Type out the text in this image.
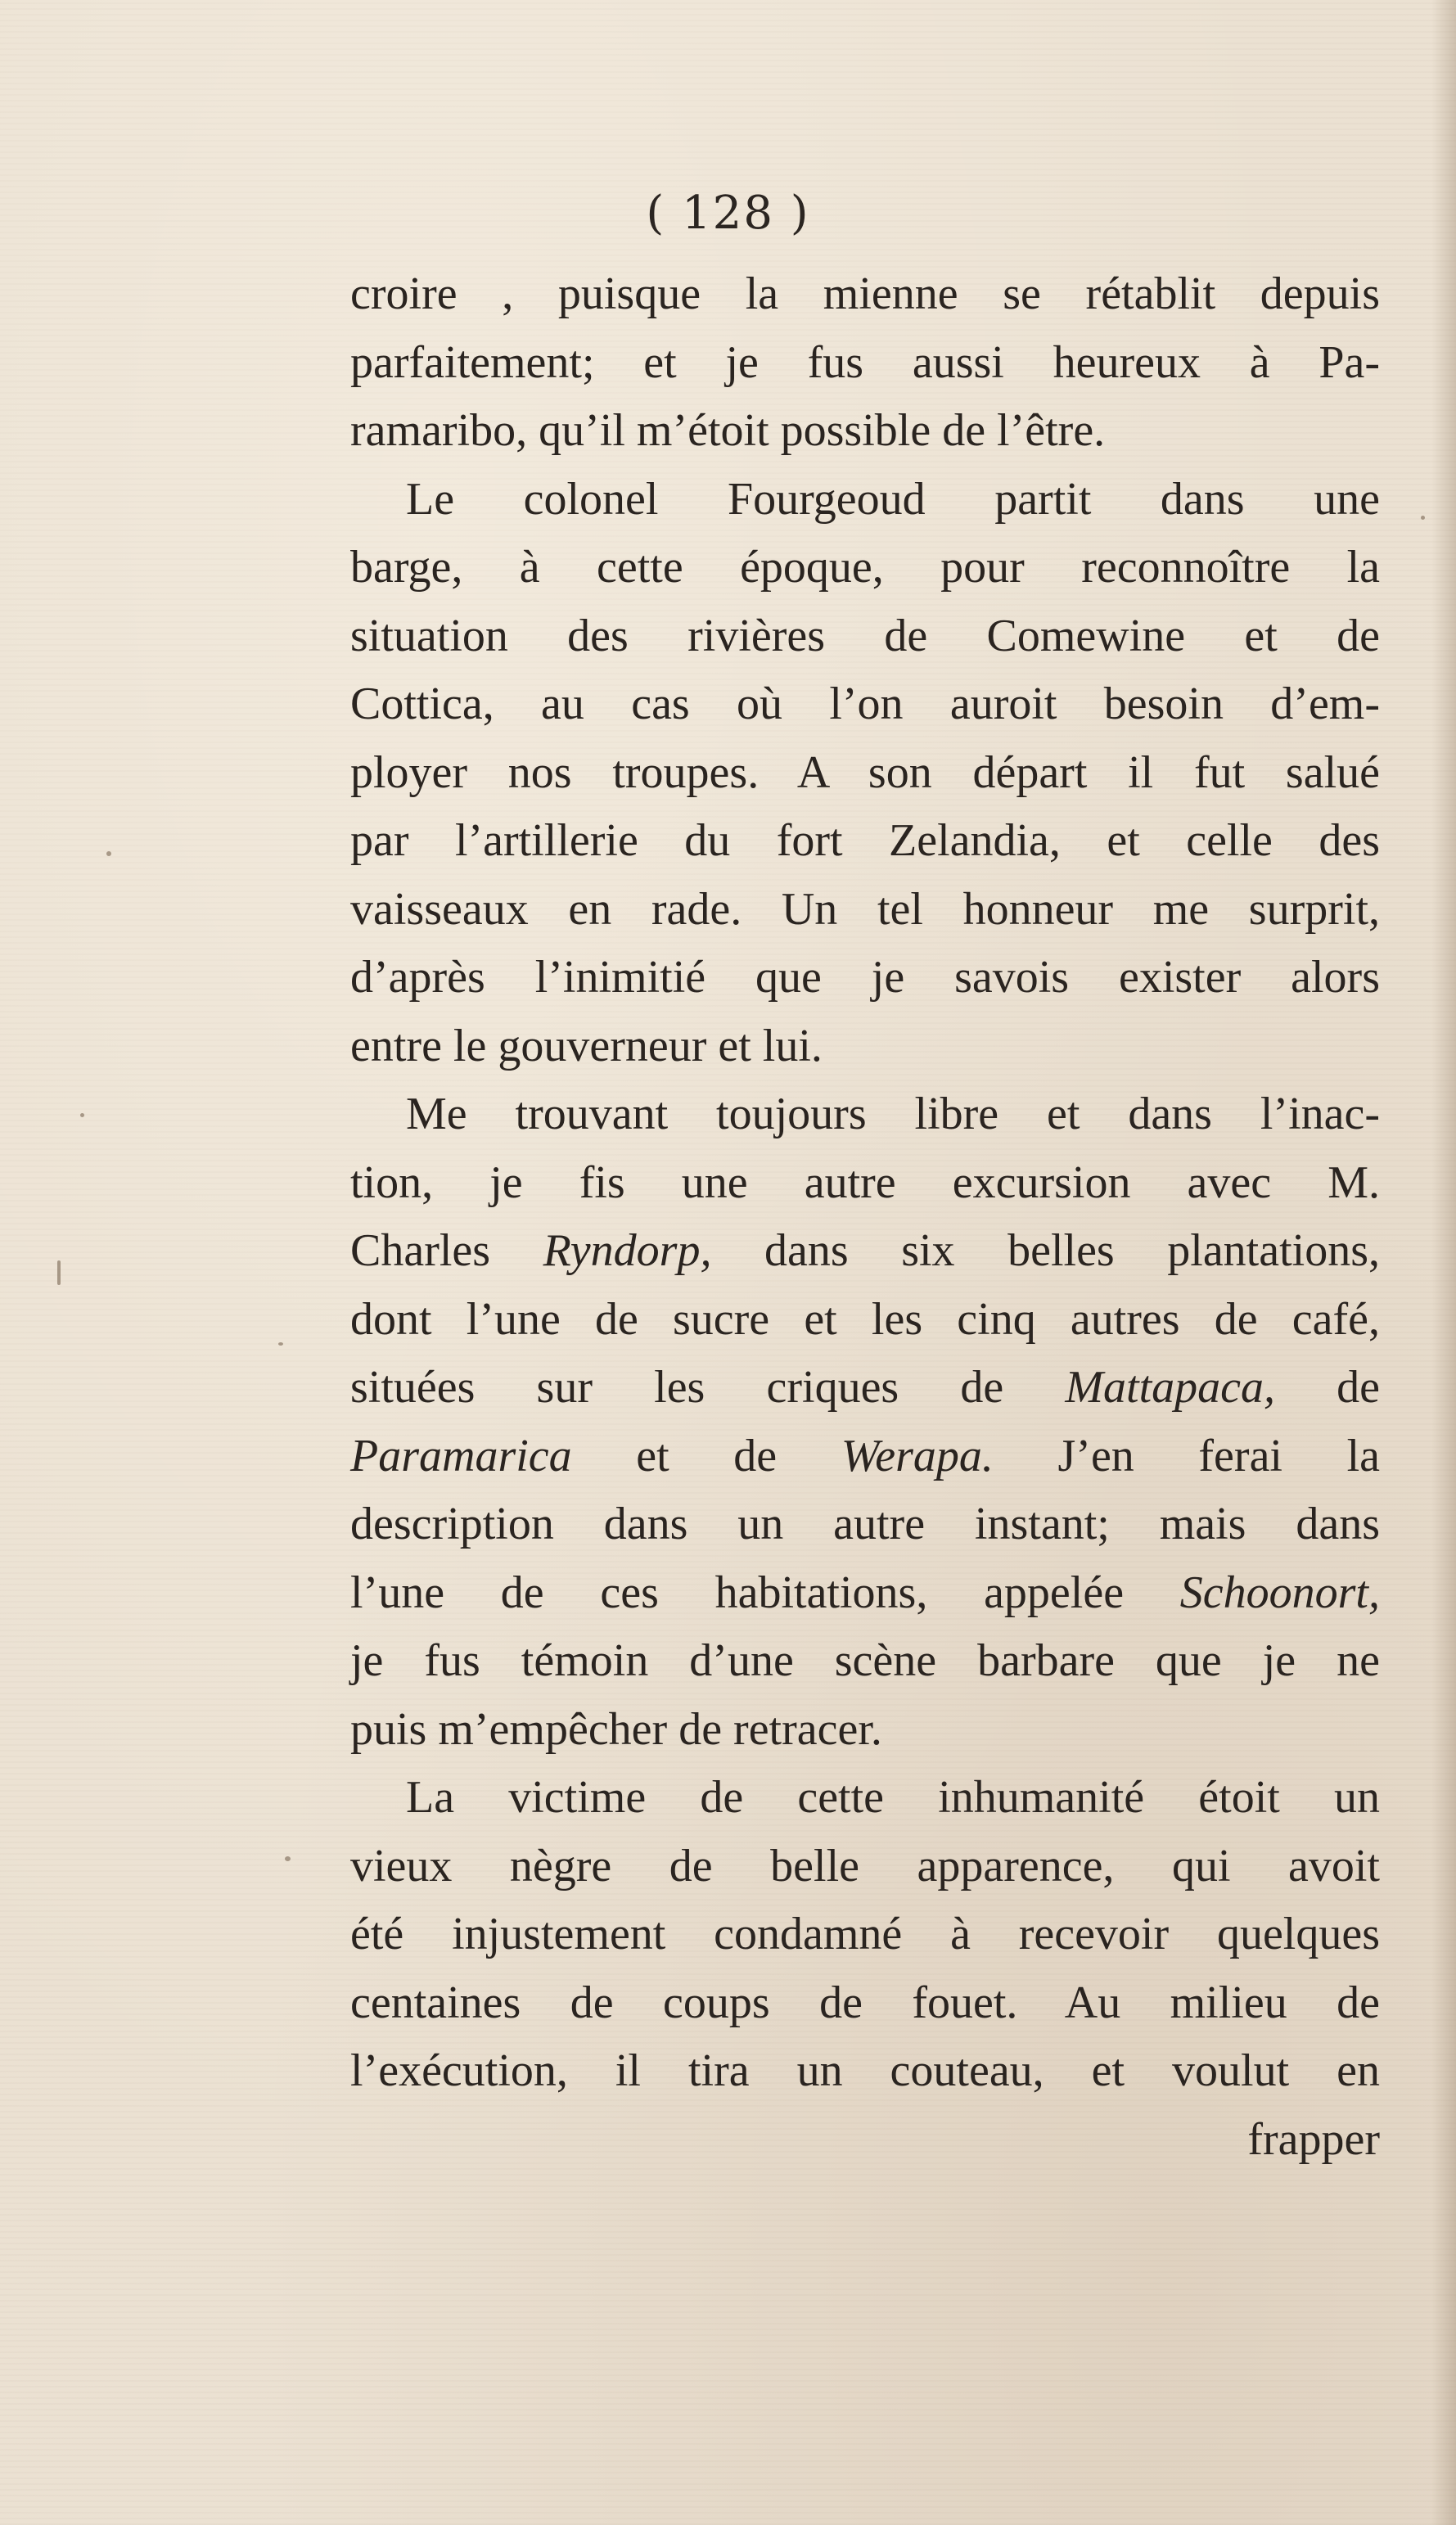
( 128 )
croire , puisque la mienne se rétablit depuis
parfaitement; et je fus aussi heureux à Pa-
ramaribo, qu’il m’étoit possible de l’être.
Le colonel Fourgeoud partit dans une
barge, à cette époque, pour reconnoître la
situation des rivières de Comewine et de
Cottica, au cas où l’on auroit besoin d’em-
ployer nos troupes. A son départ il fut salué
par l’artillerie du fort Zelandia, et celle des
vaisseaux en rade. Un tel honneur me surprit,
d’après l’inimitié que je savois exister alors
entre le gouverneur et lui.
Me trouvant toujours libre et dans l’inac-
tion, je fis une autre excursion avec M.
Charles Ryndorp, dans six belles plantations,
dont l’une de sucre et les cinq autres de café,
situées sur les criques de Mattapaca, de
Paramarica et de Werapa. J’en ferai la
description dans un autre instant; mais dans
l’une de ces habitations, appelée Schoonort,
je fus témoin d’une scène barbare que je ne
puis m’empêcher de retracer.
La victime de cette inhumanité étoit un
vieux nègre de belle apparence, qui avoit
été injustement condamné à recevoir quelques
centaines de coups de fouet. Au milieu de
l’exécution, il tira un couteau, et voulut en
frapper
